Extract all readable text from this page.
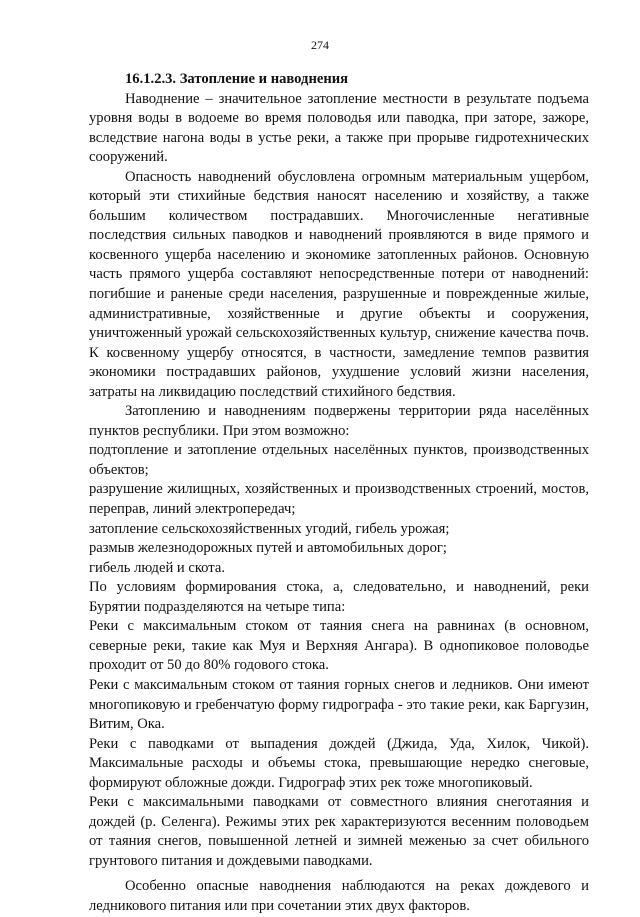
274

16.1.2.3. Затопление и наводнения

Наводнение – значительное затопление местности в результате подъема уровня воды в водоеме во время половодья или паводка, при заторе, зажоре, вследствие нагона воды в устье реки, а также при прорыве гидротехнических сооружений.

Опасность наводнений обусловлена огромным материальным ущербом, который эти стихийные бедствия наносят населению и хозяйству, а также большим количеством пострадавших. Многочисленные негативные последствия сильных паводков и наводнений проявляются в виде прямого и косвенного ущерба населению и экономике затопленных районов. Основную часть прямого ущерба составляют непосредственные потери от наводнений: погибшие и раненые среди населения, разрушенные и поврежденные жилые, административные, хозяйственные и другие объекты и сооружения, уничтоженный урожай сельскохозяйственных культур, снижение качества почв. К косвенному ущербу относятся, в частности, замедление темпов развития экономики пострадавших районов, ухудшение условий жизни населения, затраты на ликвидацию последствий стихийного бедствия.

Затоплению и наводнениям подвержены территории ряда населённых пунктов республики. При этом возможно:

подтопление и затопление отдельных населённых пунктов, производственных объектов;

разрушение жилищных, хозяйственных и производственных строений, мостов, переправ, линий электропередач;

затопление сельскохозяйственных угодий, гибель урожая;

размыв железнодорожных путей и автомобильных дорог;

гибель людей и скота.

По условиям формирования стока, а, следовательно, и наводнений, реки Бурятии подразделяются на четыре типа:

Реки с максимальным стоком от таяния снега на равнинах (в основном, северные реки, такие как Муя и Верхняя Ангара). В однопиковое половодье проходит от 50 до 80% годового стока.

Реки с максимальным стоком от таяния горных снегов и ледников. Они имеют многопиковую и гребенчатую форму гидрографа - это такие реки, как Баргузин, Витим, Ока.

Реки с паводками от выпадения дождей (Джида, Уда, Хилок, Чикой). Максимальные расходы и объемы стока, превышающие нередко снеговые, формируют обложные дожди. Гидрограф этих рек тоже многопиковый.

Реки с максимальными паводками от совместного влияния снеготаяния и дождей (р. Селенга). Режимы этих рек характеризуются весенним половодьем от таяния снегов, повышенной летней и зимней меженью за счет обильного грунтового питания и дождевыми паводками.

Особенно опасные наводнения наблюдаются на реках дождевого и ледникового питания или при сочетании этих двух факторов.
